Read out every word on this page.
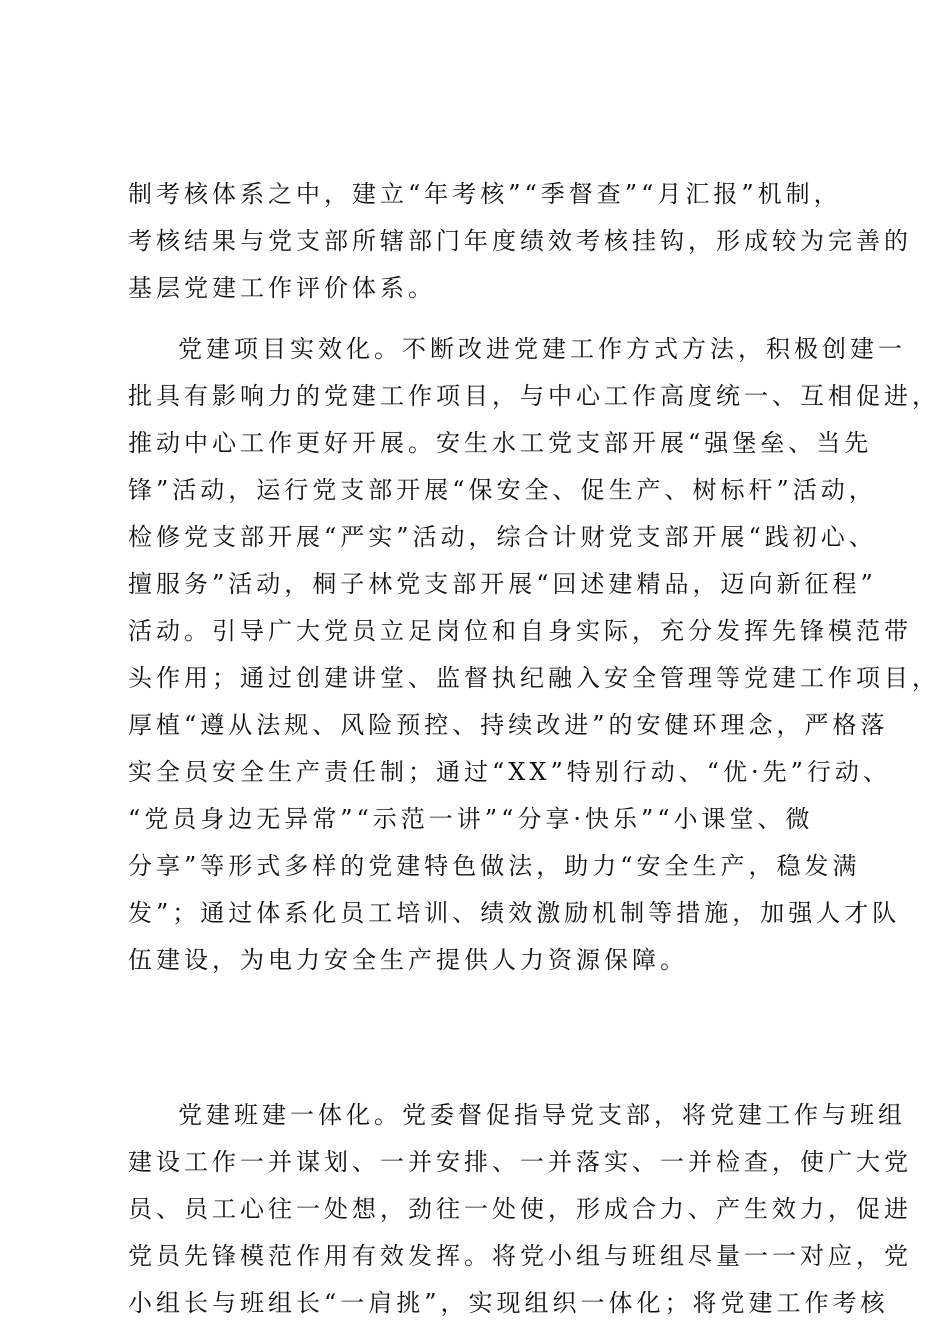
制考核体系之中，建立“年考核”“季督查”“月汇报”机制，
考核结果与党支部所辖部门年度绩效考核挂钩，形成较为完善的
基层党建工作评价体系。
党建项目实效化。不断改进党建工作方式方法，积极创建一
批具有影响力的党建工作项目，与中心工作高度统一、互相促进，
推动中心工作更好开展。安生水工党支部开展“强堡垒、当先
锋”活动，运行党支部开展“保安全、促生产、树标杆”活动，
检修党支部开展“严实”活动，综合计财党支部开展“践初心、
擅服务”活动，桐子林党支部开展“回述建精品，迈向新征程”
活动。引导广大党员立足岗位和自身实际，充分发挥先锋模范带
头作用；通过创建讲堂、监督执纪融入安全管理等党建工作项目，
厚植“遵从法规、风险预控、持续改进”的安健环理念，严格落
实全员安全生产责任制；通过“XX”特别行动、“优·先”行动、
“党员身边无异常”“示范一讲”“分享·快乐”“小课堂、微
分享”等形式多样的党建特色做法，助力“安全生产，稳发满
发”；通过体系化员工培训、绩效激励机制等措施，加强人才队
伍建设，为电力安全生产提供人力资源保障。
党建班建一体化。党委督促指导党支部，将党建工作与班组
建设工作一并谋划、一并安排、一并落实、一并检查，使广大党
员、员工心往一处想，劲往一处使，形成合力、产生效力，促进
党员先锋模范作用有效发挥。将党小组与班组尽量一一对应，党
小组长与班组长“一肩挑”，实现组织一体化；将党建工作考核
